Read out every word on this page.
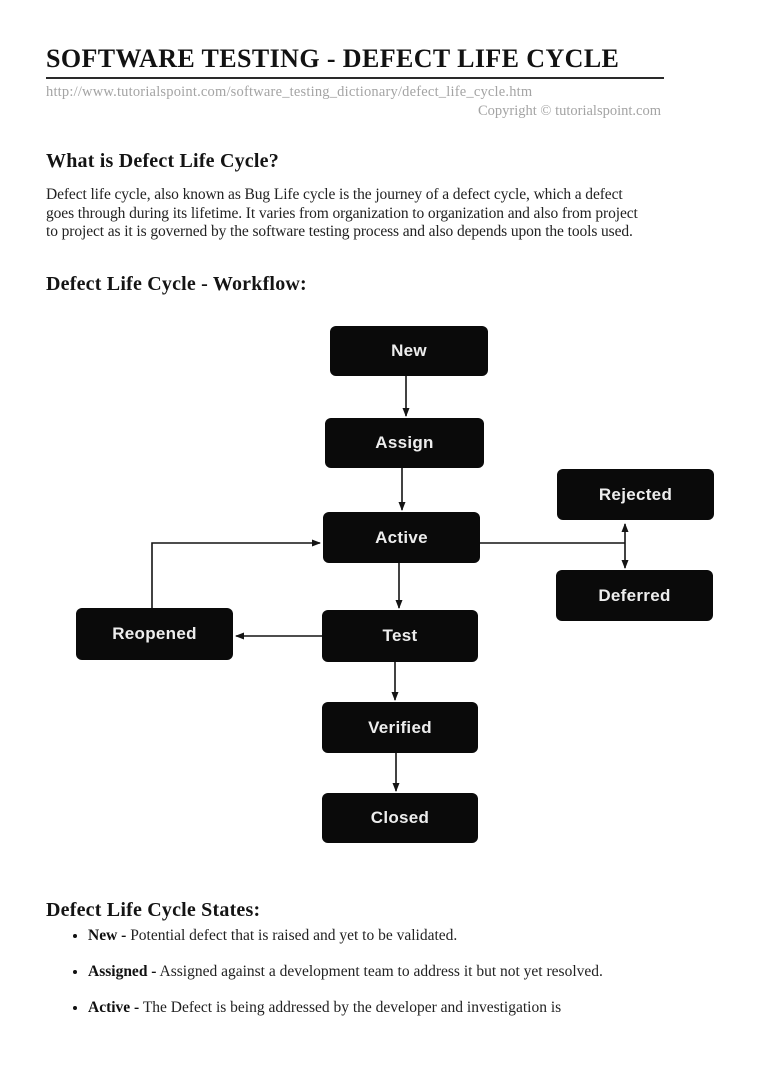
SOFTWARE TESTING - DEFECT LIFE CYCLE
http://www.tutorialspoint.com/software_testing_dictionary/defect_life_cycle.htm
Copyright © tutorialspoint.com
What is Defect Life Cycle?
Defect life cycle, also known as Bug Life cycle is the journey of a defect cycle, which a defect goes through during its lifetime. It varies from organization to organization and also from project to project as it is governed by the software testing process and also depends upon the tools used.
Defect Life Cycle - Workflow:
New
Assign
Active
Rejected
Deferred
Reopened	Test
Verified
Closed
Defect Life Cycle States:
• New - Potential defect that is raised and yet to be validated.
• Assigned - Assigned against a development team to address it but not yet resolved.
• Active - The Defect is being addressed by the developer and investigation is
